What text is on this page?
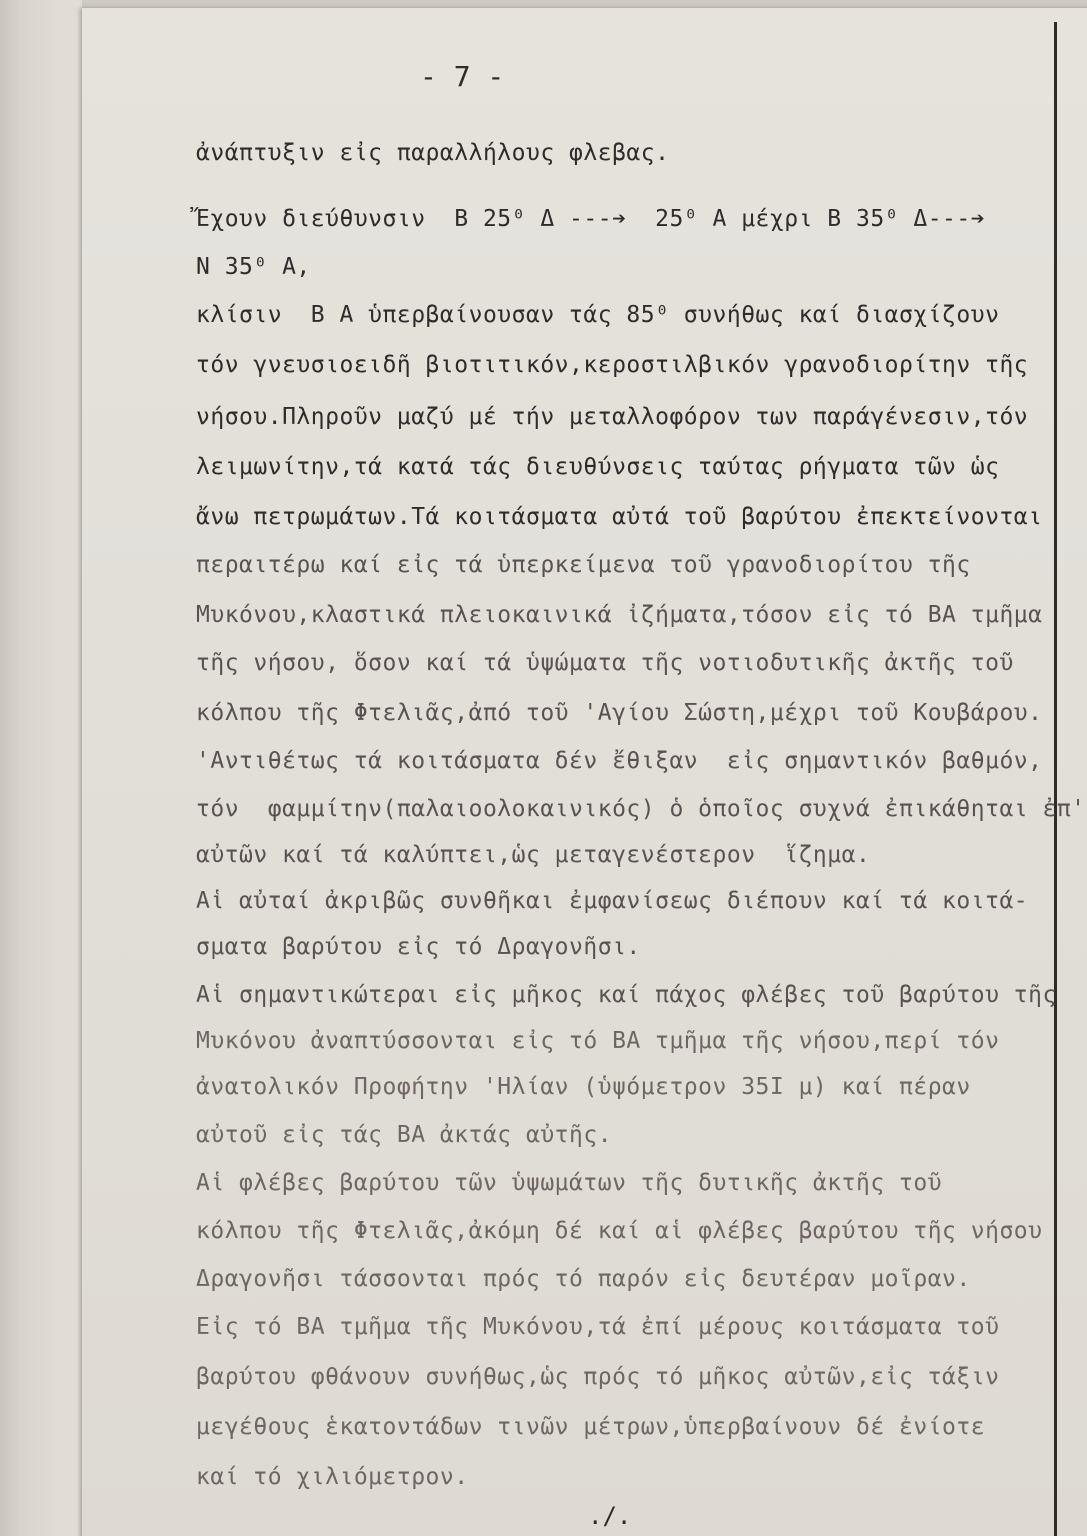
- 7 -
ἀνάπτυξιν εἰς παραλλήλους φλεβας.
Ἔχουν διεύθυνσιν  Β 25⁰ Δ ---➔  25⁰ Α μέχρι Β 35⁰ Δ---➔
Ν 35⁰ Α,
κλίσιν  Β Α ὑπερβαίνουσαν τάς 85⁰ συνήθως καί διασχίζουν
τόν γνευσιοειδῆ βιοτιτικόν,κεροστιλβικόν γρανοδιορίτην τῆς
νήσου.Πληροῦν μαζύ μέ τήν μεταλλοφόρον των παράγένεσιν,τόν
λειμωνίτην,τά κατά τάς διευθύνσεις ταύτας ρήγματα τῶν ὡς
ἄνω πετρωμάτων.Τά κοιτάσματα αὐτά τοῦ βαρύτου ἐπεκτείνονται
περαιτέρω καί εἰς τά ὑπερκείμενα τοῦ γρανοδιορίτου τῆς
Μυκόνου,κλαστικά πλειοκαινικά ἰζήματα,τόσον εἰς τό ΒΑ τμῆμα
τῆς νήσου, ὅσον καί τά ὑψώματα τῆς νοτιοδυτικῆς ἀκτῆς τοῦ
κόλπου τῆς Φτελιᾶς,ἀπό τοῦ 'Αγίου Σώστη,μέχρι τοῦ Κουβάρου.
'Αντιθέτως τά κοιτάσματα δέν ἔθιξαν  εἰς σημαντικόν βαθμόν,
τόν  φαμμίτην(παλαιοολοκαινικός) ὁ ὁποῖος συχνά ἐπικάθηται ἐπ'
αὐτῶν καί τά καλύπτει,ὡς μεταγενέστερον  ἵζημα.
Αἱ αὐταί ἀκριβῶς συνθῆκαι ἐμφανίσεως διέπουν καί τά κοιτά-
σματα βαρύτου εἰς τό Δραγονῆσι.
Αἱ σημαντικώτεραι εἰς μῆκος καί πάχος φλέβες τοῦ βαρύτου τῆς
Μυκόνου ἀναπτύσσονται εἰς τό ΒΑ τμῆμα τῆς νήσου,περί τόν
ἀνατολικόν Προφήτην 'Ηλίαν (ὑψόμετρον 35Ι μ) καί πέραν
αὐτοῦ εἰς τάς ΒΑ ἀκτάς αὐτῆς.
Αἱ φλέβες βαρύτου τῶν ὑψωμάτων τῆς δυτικῆς ἀκτῆς τοῦ
κόλπου τῆς Φτελιᾶς,ἀκόμη δέ καί αἱ φλέβες βαρύτου τῆς νήσου
Δραγονῆσι τάσσονται πρός τό παρόν εἰς δευτέραν μοῖραν.
Εἰς τό ΒΑ τμῆμα τῆς Μυκόνου,τά ἐπί μέρους κοιτάσματα τοῦ
βαρύτου φθάνουν συνήθως,ὡς πρός τό μῆκος αὐτῶν,εἰς τάξιν
μεγέθους ἑκατοντάδων τινῶν μέτρων,ὑπερβαίνουν δέ ἐνίοτε
καί τό χιλιόμετρον.
./.
